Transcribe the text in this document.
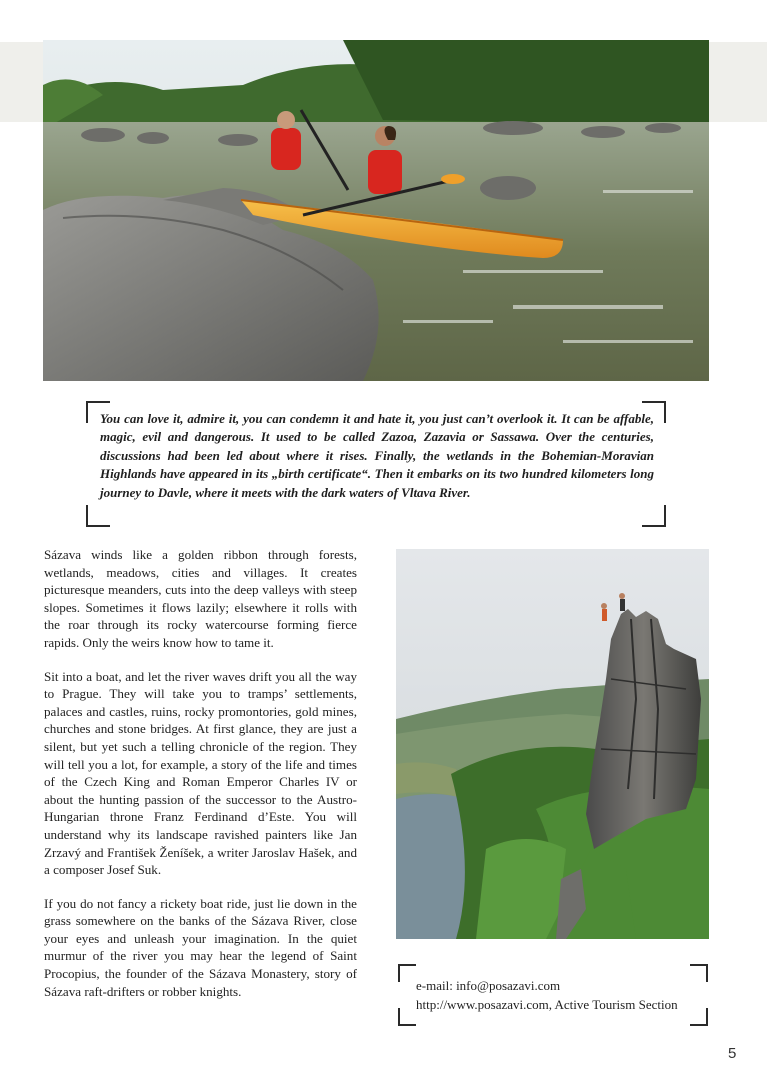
You can love it, admire it, you can condemn it and hate it, you just can’t overlook it. It can be affable, magic, evil and dangerous. It used to be called Zazoa, Zazavia or Sassawa. Over the centuries, discussions had been led about where it rises. Finally, the wetlands in the Bohemian-Moravian Highlands have appeared in its „birth certificate“. Then it embarks on its two hundred kilometers long journey to Davle, where it meets with the dark waters of Vltava River.

Sázava winds like a golden ribbon through forests, wetlands, meadows, cities and villages. It creates picturesque meanders, cuts into the deep valleys with steep slopes. Sometimes it flows lazily; elsewhere it rolls with the roar through its rocky watercourse forming fierce rapids. Only the weirs know how to tame it.

Sit into a boat, and let the river waves drift you all the way to Prague. They will take you to tramps’ settlements, palaces and castles, ruins, rocky promontories, gold mines, churches and stone bridges. At first glance, they are just a silent, but yet such a telling chronicle of the region. They will tell you a lot, for example, a story of the life and times of the Czech King and Roman Emperor Charles IV or about the hunting passion of the successor to the Austro-Hungarian throne Franz Ferdinand d’Este. You will understand why its landscape ravished painters like Jan Zrzavý and František Ženíšek, a writer Jaroslav Hašek, and a composer Josef Suk.

If you do not fancy a rickety boat ride, just lie down in the grass somewhere on the banks of the Sázava River, close your eyes and unleash your imagination. In the quiet murmur of the river you may hear the legend of Saint Procopius, the founder of the Sázava Monastery, story of Sázava raft-drifters or robber knights.	e-mail: info@posazavi.com
http://www.posazavi.com, Active Tourism Section
5
